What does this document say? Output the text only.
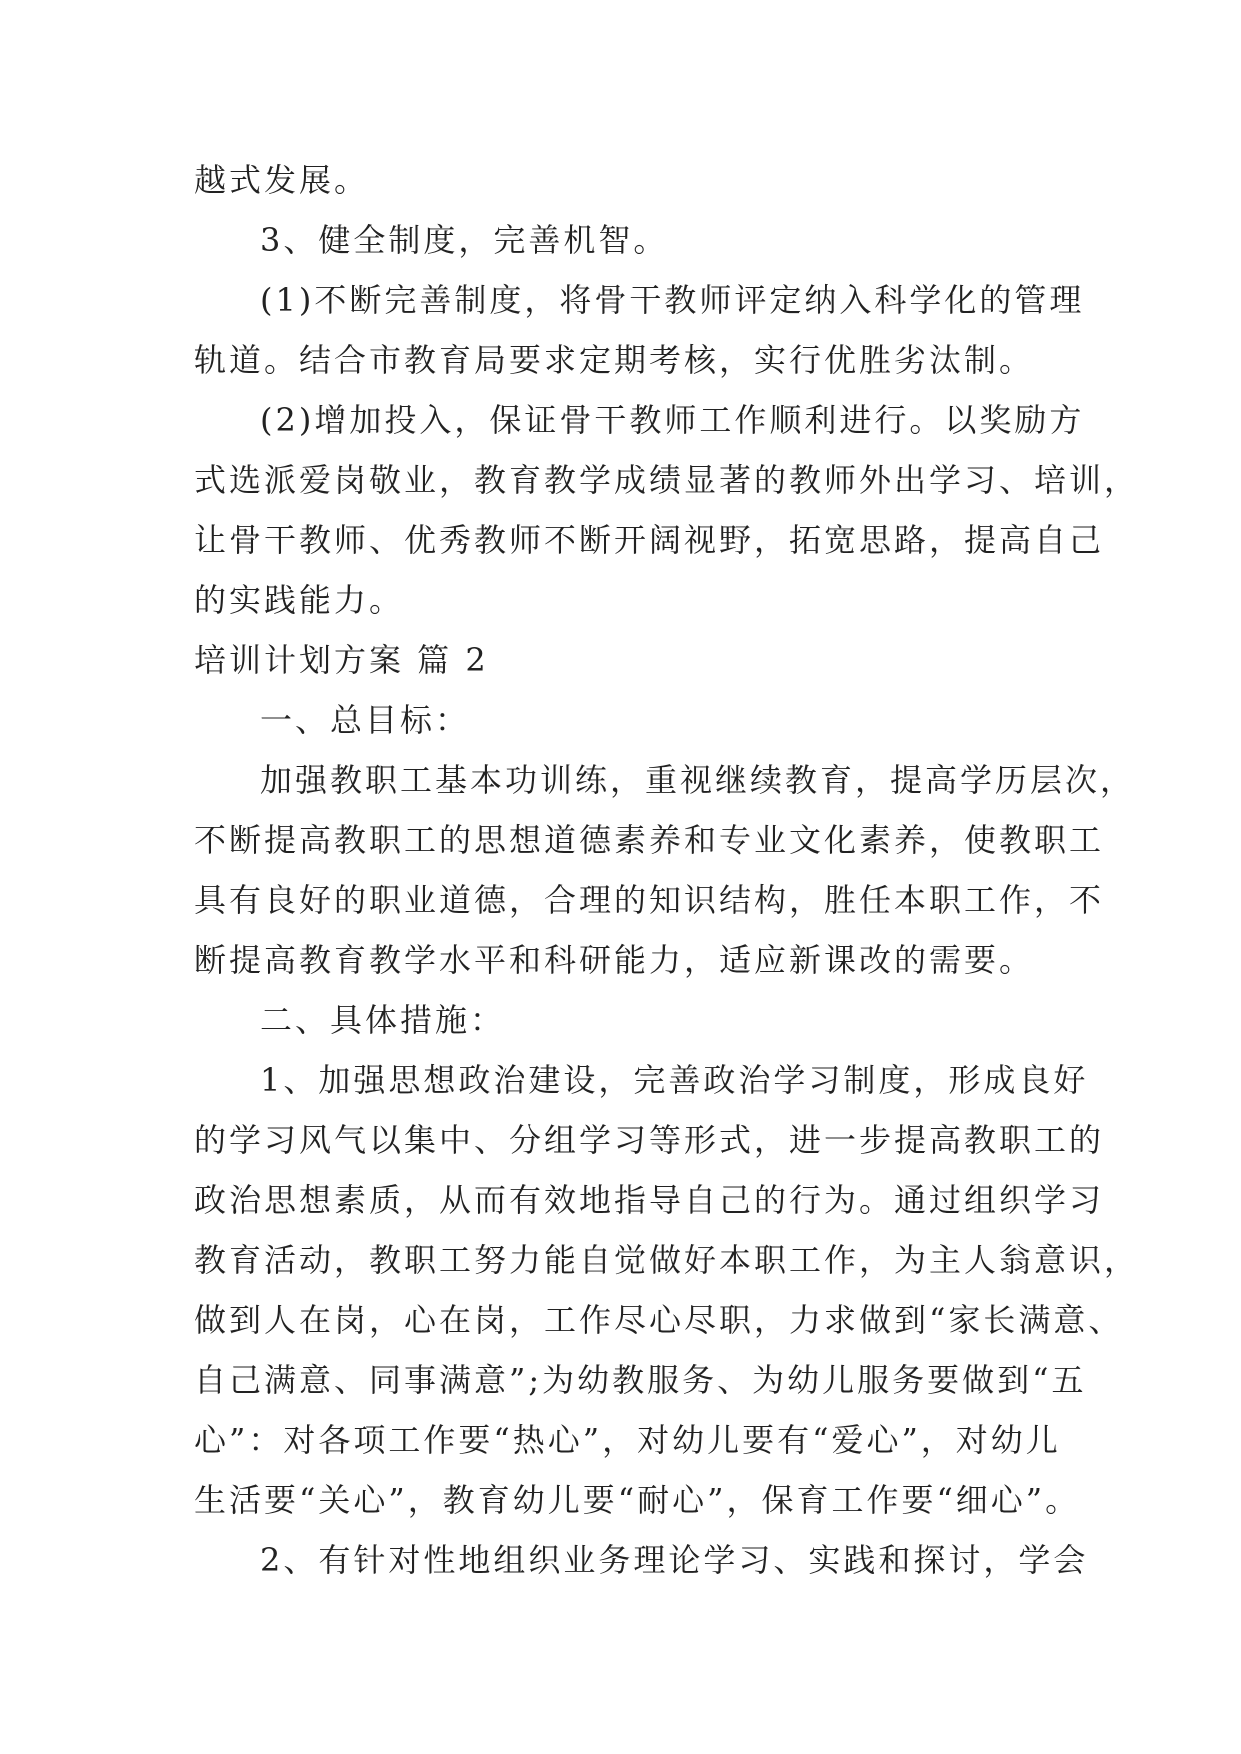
越式发展。
3、健全制度，完善机智。
(1)不断完善制度，将骨干教师评定纳入科学化的管理
轨道。结合市教育局要求定期考核，实行优胜劣汰制。
(2)增加投入，保证骨干教师工作顺利进行。以奖励方
式选派爱岗敬业，教育教学成绩显著的教师外出学习、培训，
让骨干教师、优秀教师不断开阔视野，拓宽思路，提高自己
的实践能力。
培训计划方案 篇 2
一、总目标：
加强教职工基本功训练，重视继续教育，提高学历层次，
不断提高教职工的思想道德素养和专业文化素养，使教职工
具有良好的职业道德，合理的知识结构，胜任本职工作，不
断提高教育教学水平和科研能力，适应新课改的需要。
二、具体措施：
1、加强思想政治建设，完善政治学习制度，形成良好
的学习风气以集中、分组学习等形式，进一步提高教职工的
政治思想素质，从而有效地指导自己的行为。通过组织学习
教育活动，教职工努力能自觉做好本职工作，为主人翁意识，
做到人在岗，心在岗，工作尽心尽职，力求做到“家长满意、
自己满意、同事满意”;为幼教服务、为幼儿服务要做到“五
心”：对各项工作要“热心”，对幼儿要有“爱心”，对幼儿
生活要“关心”，教育幼儿要“耐心”，保育工作要“细心”。
2、有针对性地组织业务理论学习、实践和探讨，学会
